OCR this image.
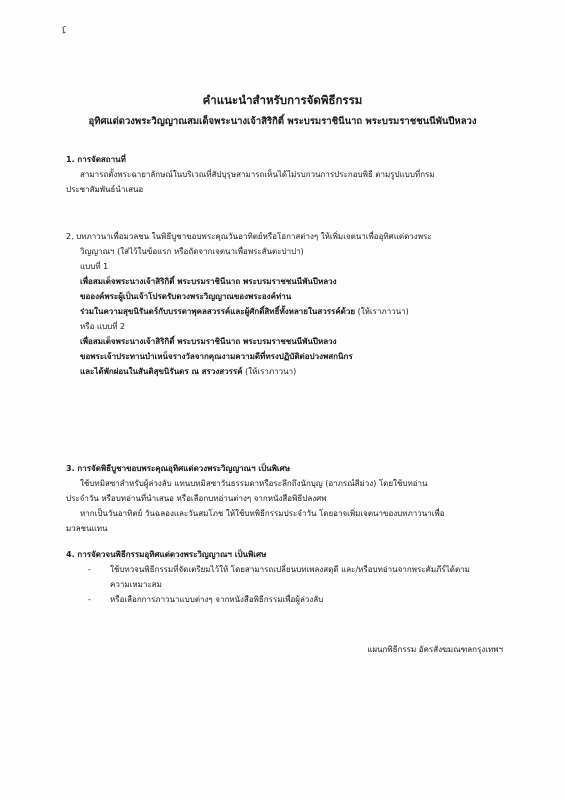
ɾ
คำแนะนำสำหรับการจัดพิธีกรรม
อุทิศแด่ดวงพระวิญญาณสมเด็จพระนางเจ้าสิริกิติ์ พระบรมราชินีนาถ พระบรมราชชนนีพันปีหลวง
1. การจัดสถานที่
สามารถตั้งพระฉายาลักษณ์ในบริเวณที่สัปบุรุษสามารถเห็นได้ไม่รบกวนการประกอบพิธี ตามรูปแบบที่กรม
ประชาสัมพันธ์นำเสนอ
2. บทภาวนาเพื่อมวลชน ในพิธีบูชาขอบพระคุณวันอาทิตย์หรือโอกาสต่างๆ ให้เพิ่มเจตนาเพื่ออุทิศแด่ดวงพระ
วิญญาณฯ (ใส่ไว้ในข้อแรก หรือถัดจากเจตนาเพื่อพระสันตะปาปา)
แบบที่ 1
เพื่อสมเด็จพระนางเจ้าสิริกิติ์ พระบรมราชินีนาถ พระบรมราชชนนีพันปีหลวง
ขอองค์พระผู้เป็นเจ้าโปรดรับดวงพระวิญญาณของพระองค์ท่าน
ร่วมในความสุขนิรันดร์กับบรรดาพุคลสวรรค์และผู้ศักดิ์สิทธิ์ทั้งหลายในสวรรค์ด้วย (ให้เราภาวนา)
หรือ แบบที่ 2
เพื่อสมเด็จพระนางเจ้าสิริกิติ์ พระบรมราชินีนาถ พระบรมราชชนนีพันปีหลวง
ขอพระเจ้าประทานบำเหน็จรางวัลจากคุณงามความดีที่ทรงปฏิบัติต่อปวงพสกนิกร
และได้พักผ่อนในสันติสุขนิรันดร ณ สรวงสวรรค์ (ให้เราภาวนา)
3. การจัดพิธีบูชาขอบพระคุณอุทิศแด่ดวงพระวิญญาณฯ เป็นพิเศษ
ใช้บทมิสซาสำหรับผู้ล่วงลับ แทนบทมิสซาวันธรรมดาหรือระลึกถึงนักบุญ (อาภรณ์สีม่วง) โดยใช้บทอ่าน
ประจำวัน หรือบทอ่านที่นำเสนอ หรือเลือกบทอ่านต่างๆ จากหนังสือพิธีปลงศพ
หากเป็นวันอาทิตย์ วันฉลองและวันสมโภช ให้ใช้บทพิธีกรรมประจำวัน โดยอาจเพิ่มเจตนาของบทภาวนาเพื่อ
มวลชนแทน
4. การจัดวจนพิธีกรรมอุทิศแด่ดวงพระวิญญาณฯ เป็นพิเศษ
- ใช้บทวจนพิธีกรรมที่จัดเตรียมไว้ให้ โดยสามารถเปลี่ยนบทเพลงสดุดี และ/หรือบทอ่านจากพระคัมภีร์ได้ตาม
ความเหมาะสม
- หรือเลือกการภาวนาแบบต่างๆ จากหนังสือพิธีกรรมเพื่อผู้ล่วงลับ
แผนกพิธีกรรม อัครสังฆมณฑลกรุงเทพฯ
